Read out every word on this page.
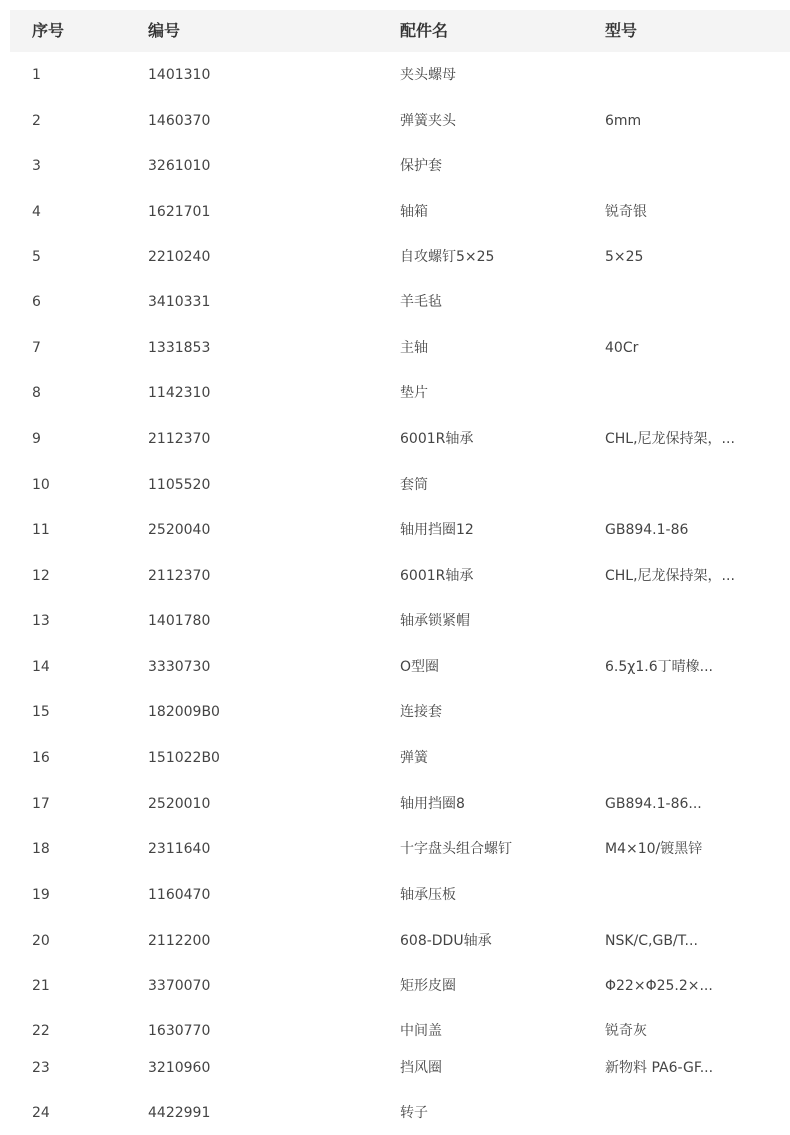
序号	编号	配件名	型号
1	1401310	夹头螺母
2	1460370	弹簧夹头	6mm
3	3261010	保护套
4	1621701	轴箱	锐奇银
5	2210240	自攻螺钉5×25	5×25
6	3410331	羊毛毡
7	1331853	主轴	40Cr
8	1142310	垫片
9	2112370	6001R轴承	CHL,尼龙保持架，...
10	1105520	套筒
11	2520040	轴用挡圈12	GB894.1-86
12	2112370	6001R轴承	CHL,尼龙保持架，...
13	1401780	轴承锁紧帽
14	3330730	O型圈	6.5χ1.6丁晴橡...
15	182009B0	连接套
16	151022B0	弹簧
17	2520010	轴用挡圈8	GB894.1-86...
18	2311640	十字盘头组合螺钉	M4×10/镀黑锌
19	1160470	轴承压板
20	2112200	608-DDU轴承	NSK/C,GB/T...
21	3370070	矩形皮圈	Φ22×Φ25.2×...
22	1630770	中间盖	锐奇灰
23	3210960	挡风圈	新物料 PA6-GF...
24	4422991	转子
